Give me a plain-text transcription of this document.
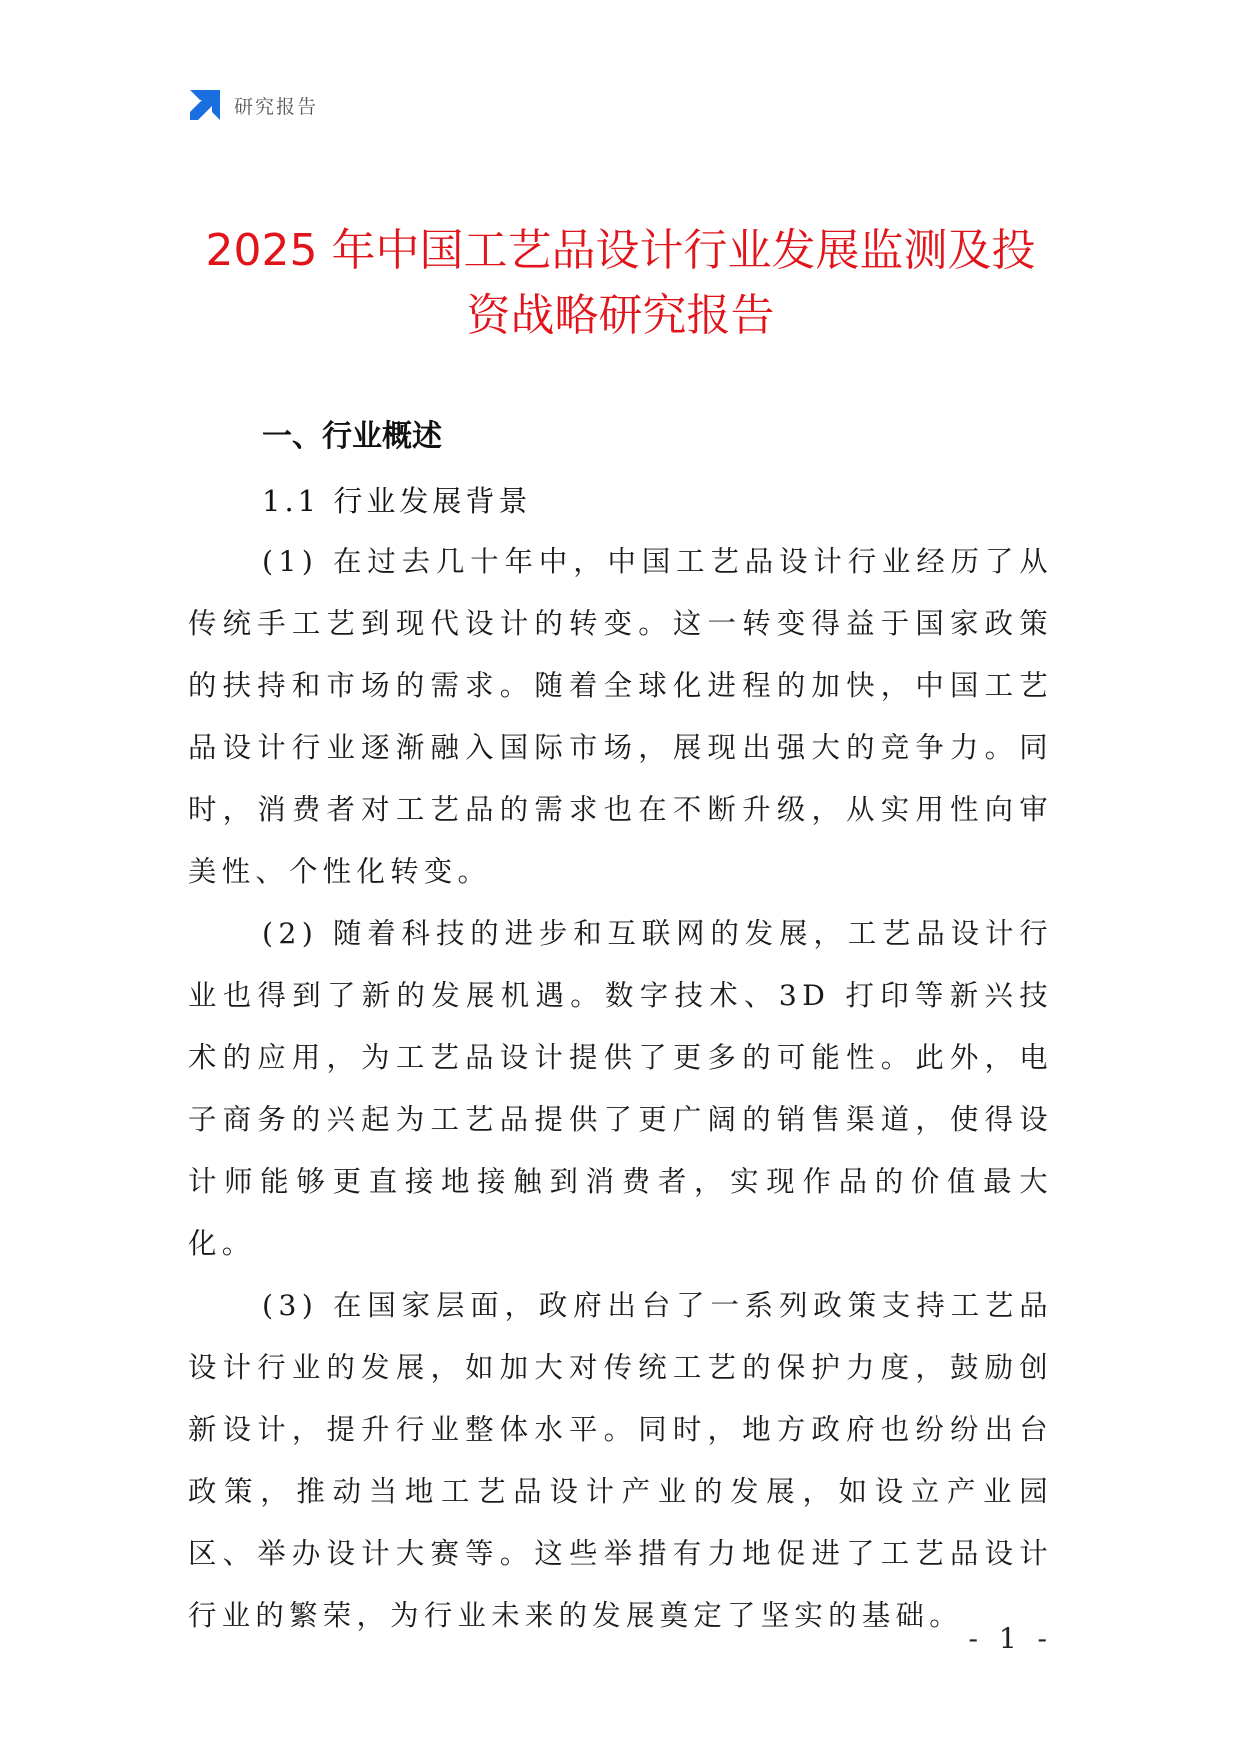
研究报告
2025 年中国工艺品设计行业发展监测及投
资战略研究报告
一、行业概述
1.1 行业发展背景

(1) 在过去几十年中，中国工艺品设计行业经历了从传统手工艺到现代设计的转变。这一转变得益于国家政策的扶持和市场的需求。随着全球化进程的加快，中国工艺品设计行业逐渐融入国际市场，展现出强大的竞争力。同时，消费者对工艺品的需求也在不断升级，从实用性向审美性、个性化转变。

(2) 随着科技的进步和互联网的发展，工艺品设计行业也得到了新的发展机遇。数字技术、3D 打印等新兴技术的应用，为工艺品设计提供了更多的可能性。此外，电子商务的兴起为工艺品提供了更广阔的销售渠道，使得设计师能够更直接地接触到消费者，实现作品的价值最大化。

(3) 在国家层面，政府出台了一系列政策支持工艺品设计行业的发展，如加大对传统工艺的保护力度，鼓励创新设计，提升行业整体水平。同时，地方政府也纷纷出台政策，推动当地工艺品设计产业的发展，如设立产业园区、举办设计大赛等。这些举措有力地促进了工艺品设计行业的繁荣，为行业未来的发展奠定了坚实的基础。

- 1 -
